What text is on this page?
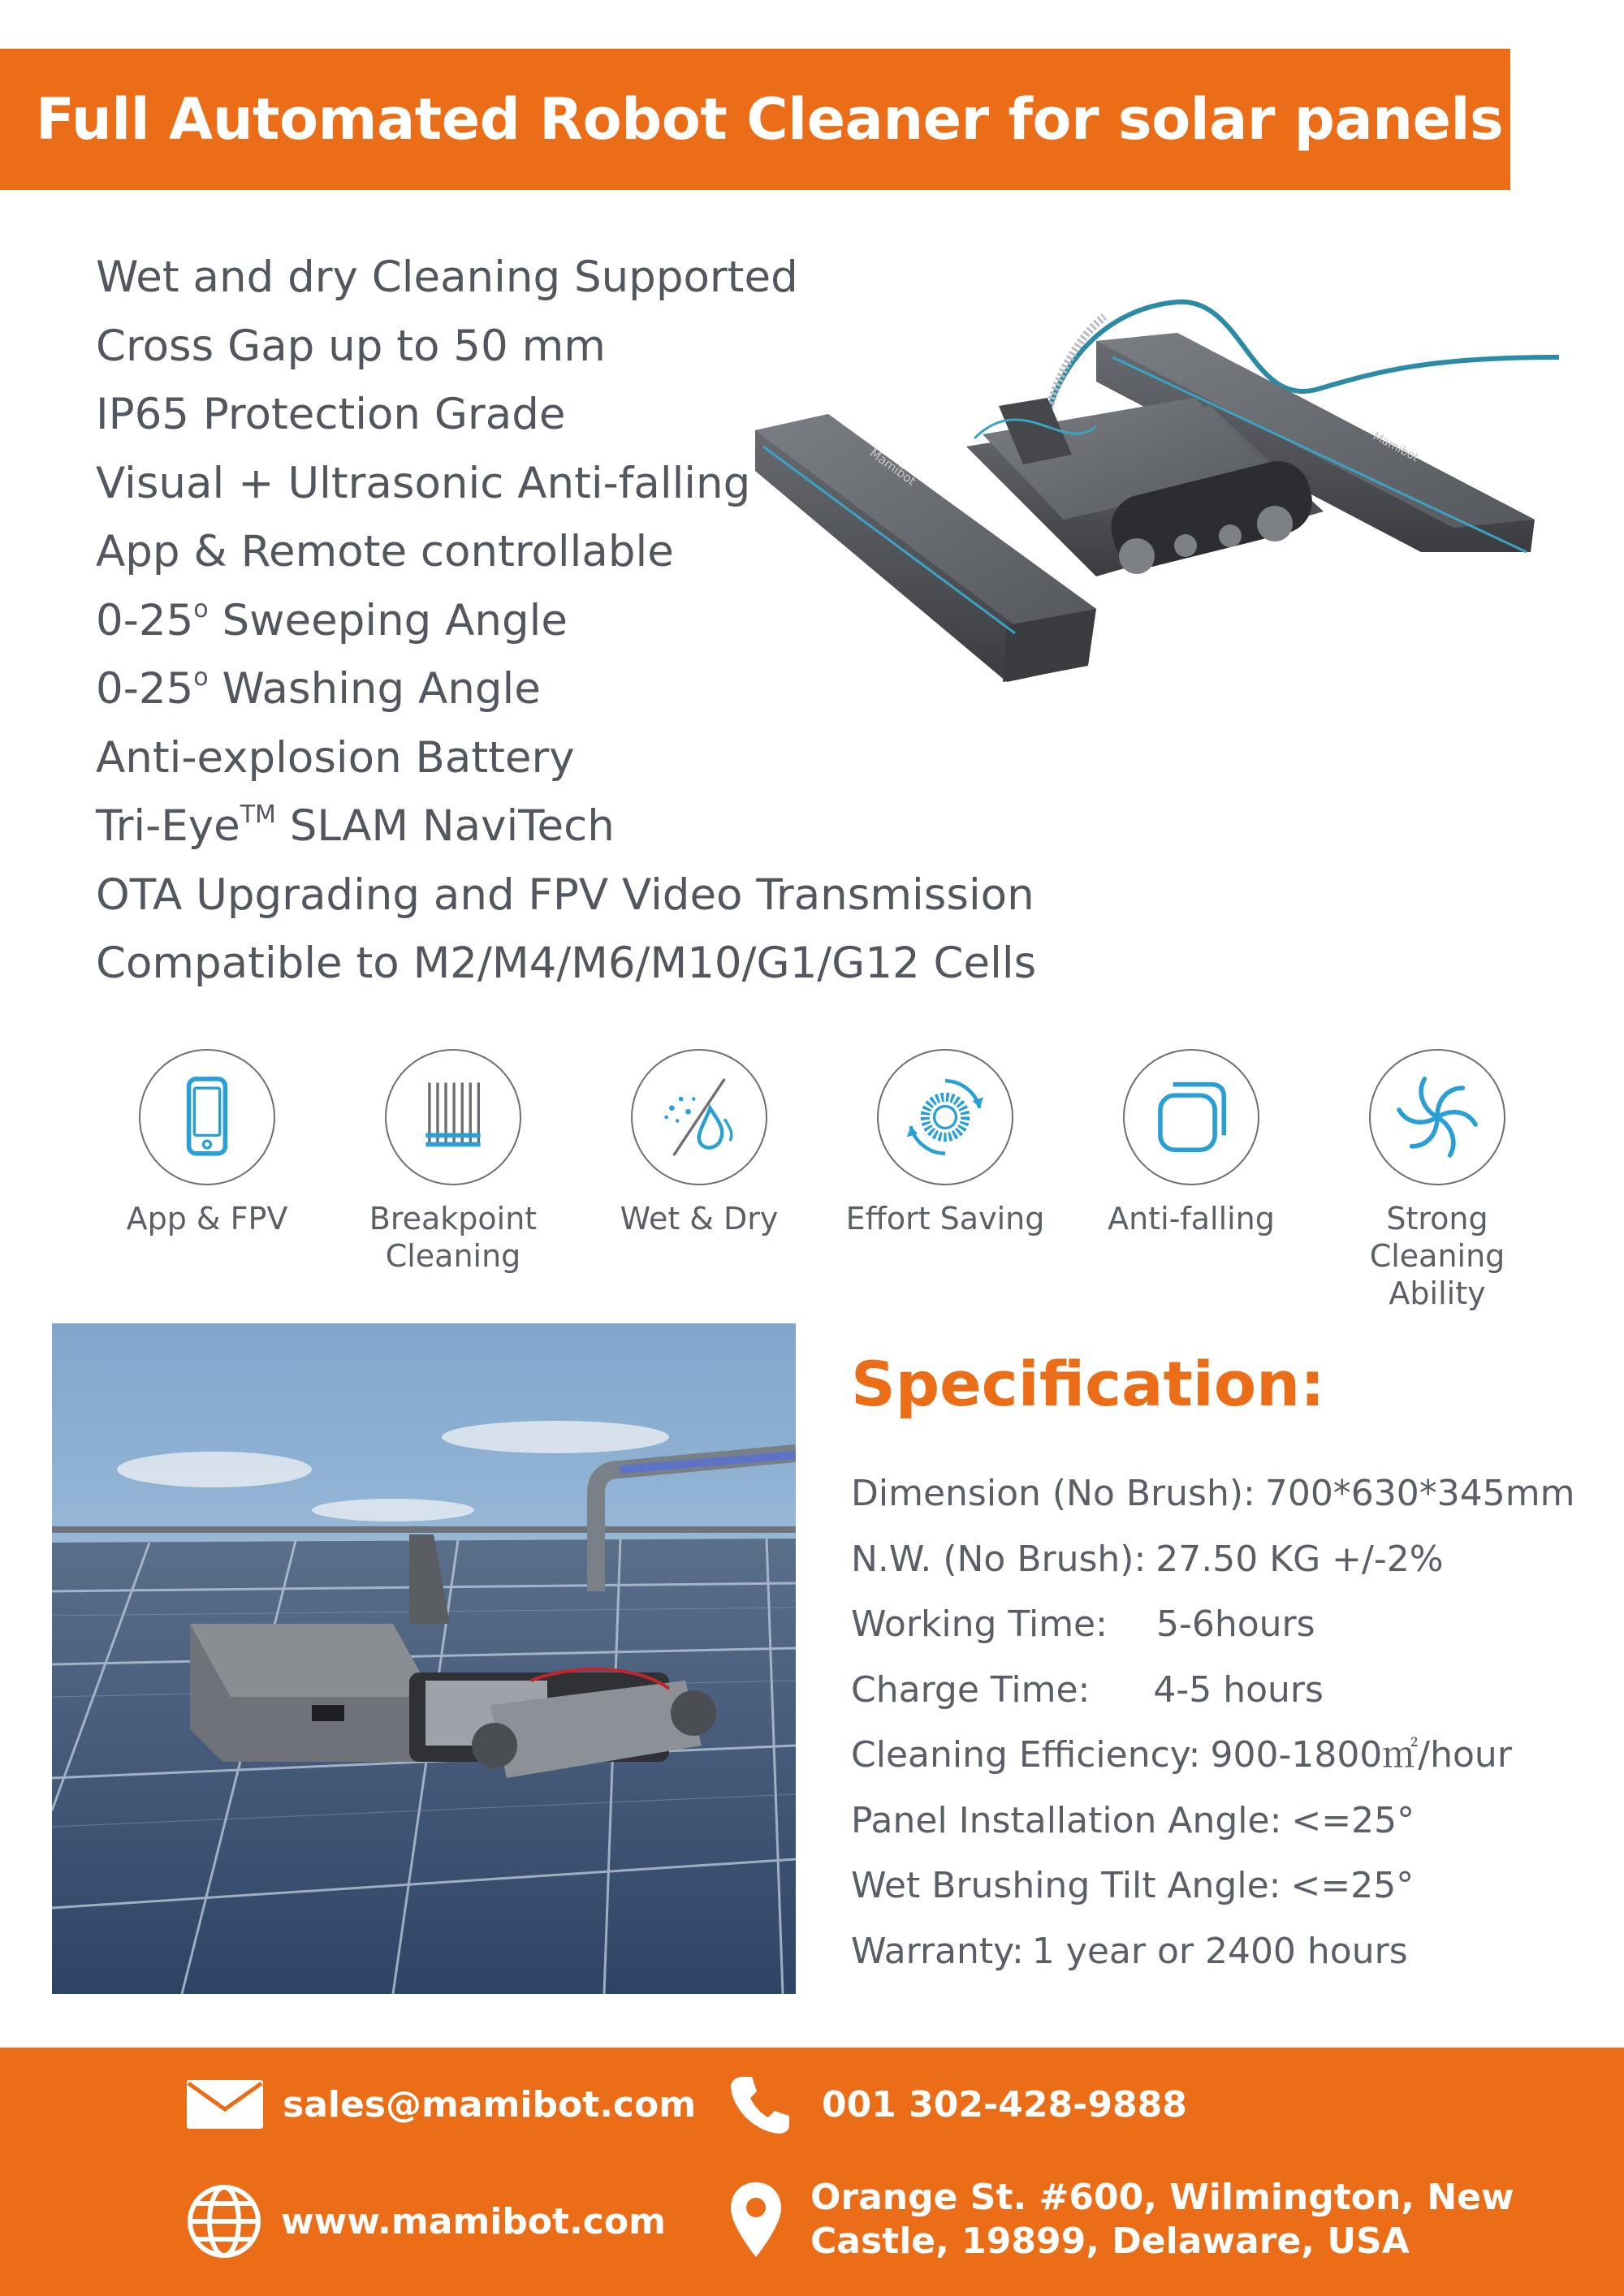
Full Automated Robot Cleaner for solar panels
Wet and dry Cleaning Supported
Cross Gap up to 50 mm
IP65 Protection Grade
Visual + Ultrasonic Anti-falling
App & Remote controllable
0-25$^o$ Sweeping Angle
0-25$^o$ Washing Angle
Anti-explosion Battery
Tri-Eye™ SLAM NaviTech
OTA Upgrading and FPV Video Transmission
Compatible to M2/M4/M6/M10/G1/G12 Cells
Mamibot
Mamibot
App & FPV	Breakpoint Cleaning
Wet & Dry	Effort Saving	Anti-falling	Strong Cleaning Ability
Specification:
Dimension (No Brush): 700*630*345mm
N.W. (No Brush): 27.50 KG +/-2%
Working Time: 5-6hours
Charge Time: 4-5 hours
Cleaning Efficiency: 900-1800㎡/hour
Panel Installation Angle: <=25°
Wet Brushing Tilt Angle: <=25°
Warranty: 1 year or 2400 hours
sales@mamibot.com	001 302-428-9888
www.mamibot.com
Orange St. #600, Wilmington, New
Castle, 19899, Delaware, USA
